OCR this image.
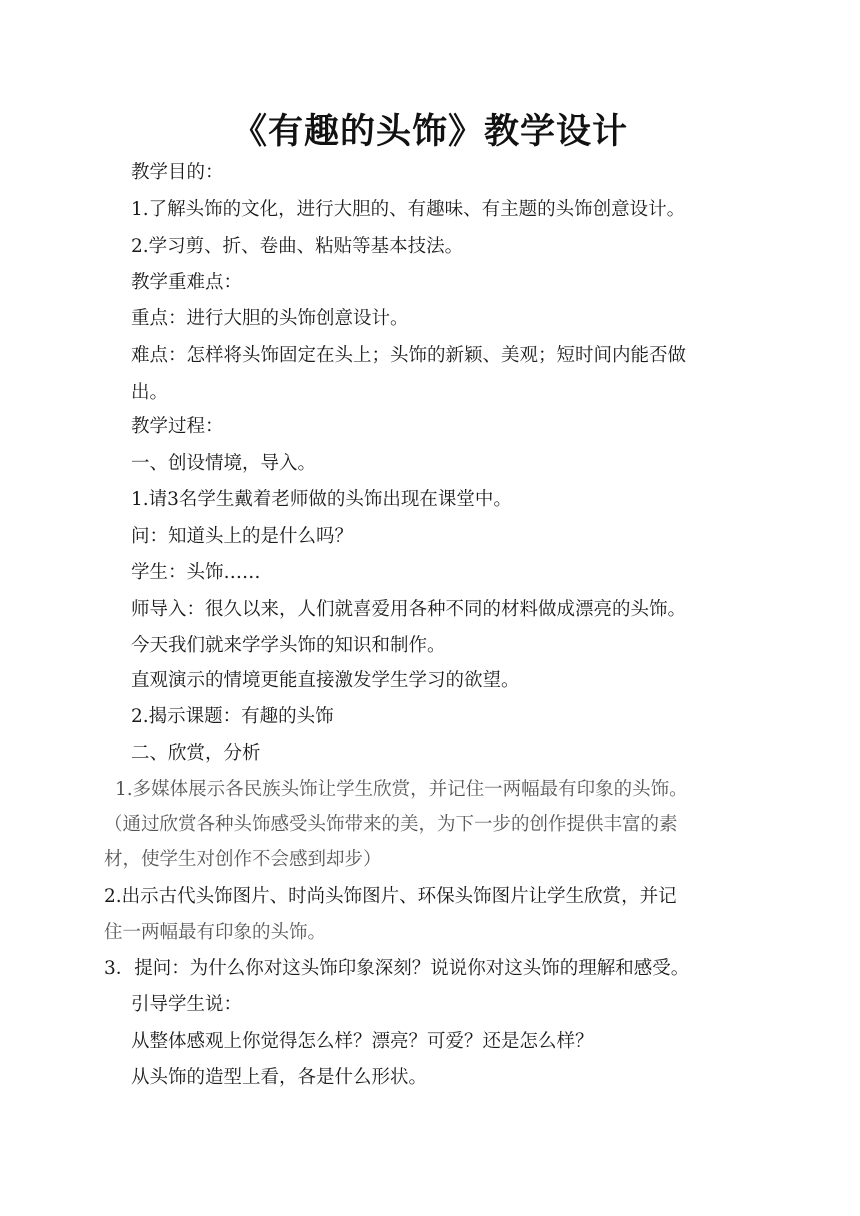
《有趣的头饰》教学设计
教学目的：
1.了解头饰的文化，进行大胆的、有趣味、有主题的头饰创意设计。
2.学习剪、折、卷曲、粘贴等基本技法。
教学重难点：
重点：进行大胆的头饰创意设计。
难点：怎样将头饰固定在头上；头饰的新颖、美观；短时间内能否做
出。
教学过程：
一、创设情境，导入。
1.请3名学生戴着老师做的头饰出现在课堂中。
问：知道头上的是什么吗？
学生：头饰……
师导入：很久以来，人们就喜爱用各种不同的材料做成漂亮的头饰。
今天我们就来学学头饰的知识和制作。
直观演示的情境更能直接激发学生学习的欲望。
2.揭示课题：有趣的头饰
二、欣赏，分析
1.多媒体展示各民族头饰让学生欣赏，并记住一两幅最有印象的头饰。
（通过欣赏各种头饰感受头饰带来的美，为下一步的创作提供丰富的素
材，使学生对创作不会感到却步）
2.出示古代头饰图片、时尚头饰图片、环保头饰图片让学生欣赏，并记
住一两幅最有印象的头饰。
3．提问：为什么你对这头饰印象深刻？说说你对这头饰的理解和感受。
引导学生说：
从整体感观上你觉得怎么样？漂亮？可爱？还是怎么样？
从头饰的造型上看，各是什么形状。
